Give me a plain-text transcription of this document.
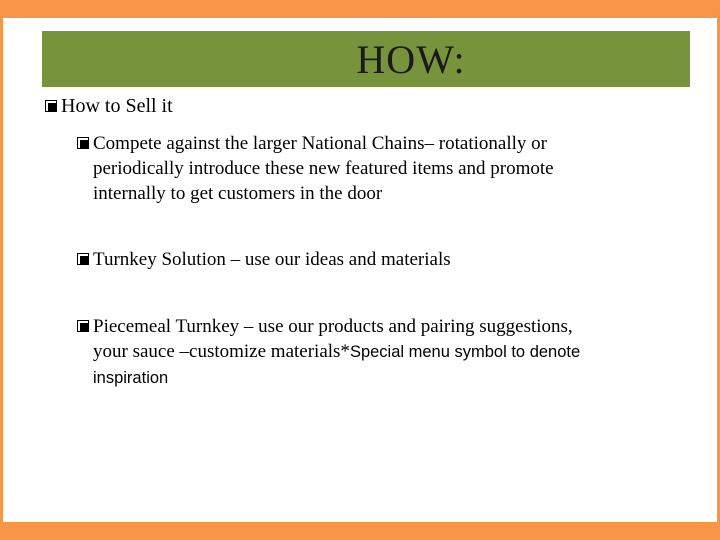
HOW:
How to Sell it
Compete against the larger National Chains– rotationally or
periodically introduce these new featured items and promote
internally to get customers in the door
Turnkey Solution – use our ideas and materials
Piecemeal Turnkey – use our products and pairing suggestions,
your sauce –customize materials*Special menu symbol to denote
inspiration
